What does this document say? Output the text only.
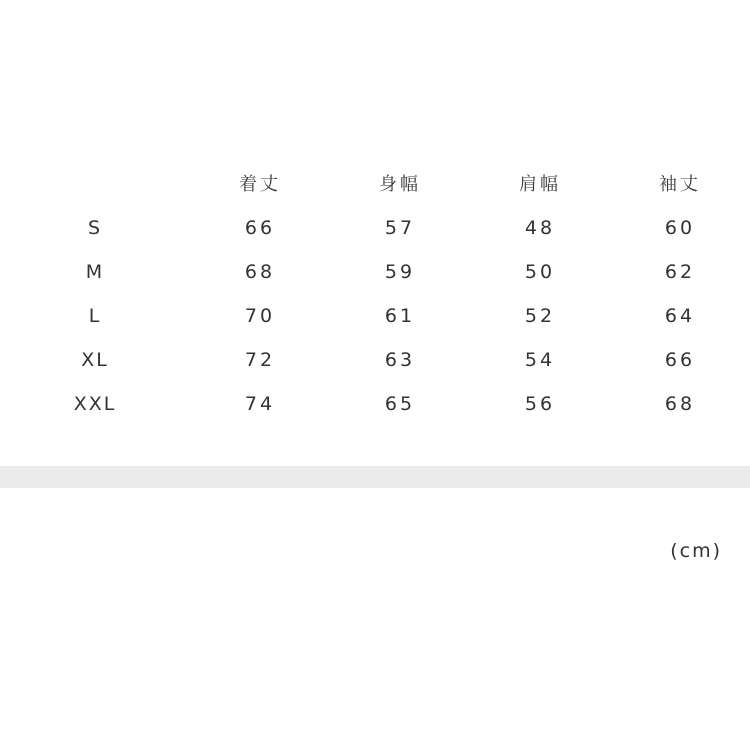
	着丈	身幅	肩幅	袖丈
S	66	57	48	60
M	68	59	50	62
L	70	61	52	64
XL	72	63	54	66
XXL	74	65	56	68
(cm)
